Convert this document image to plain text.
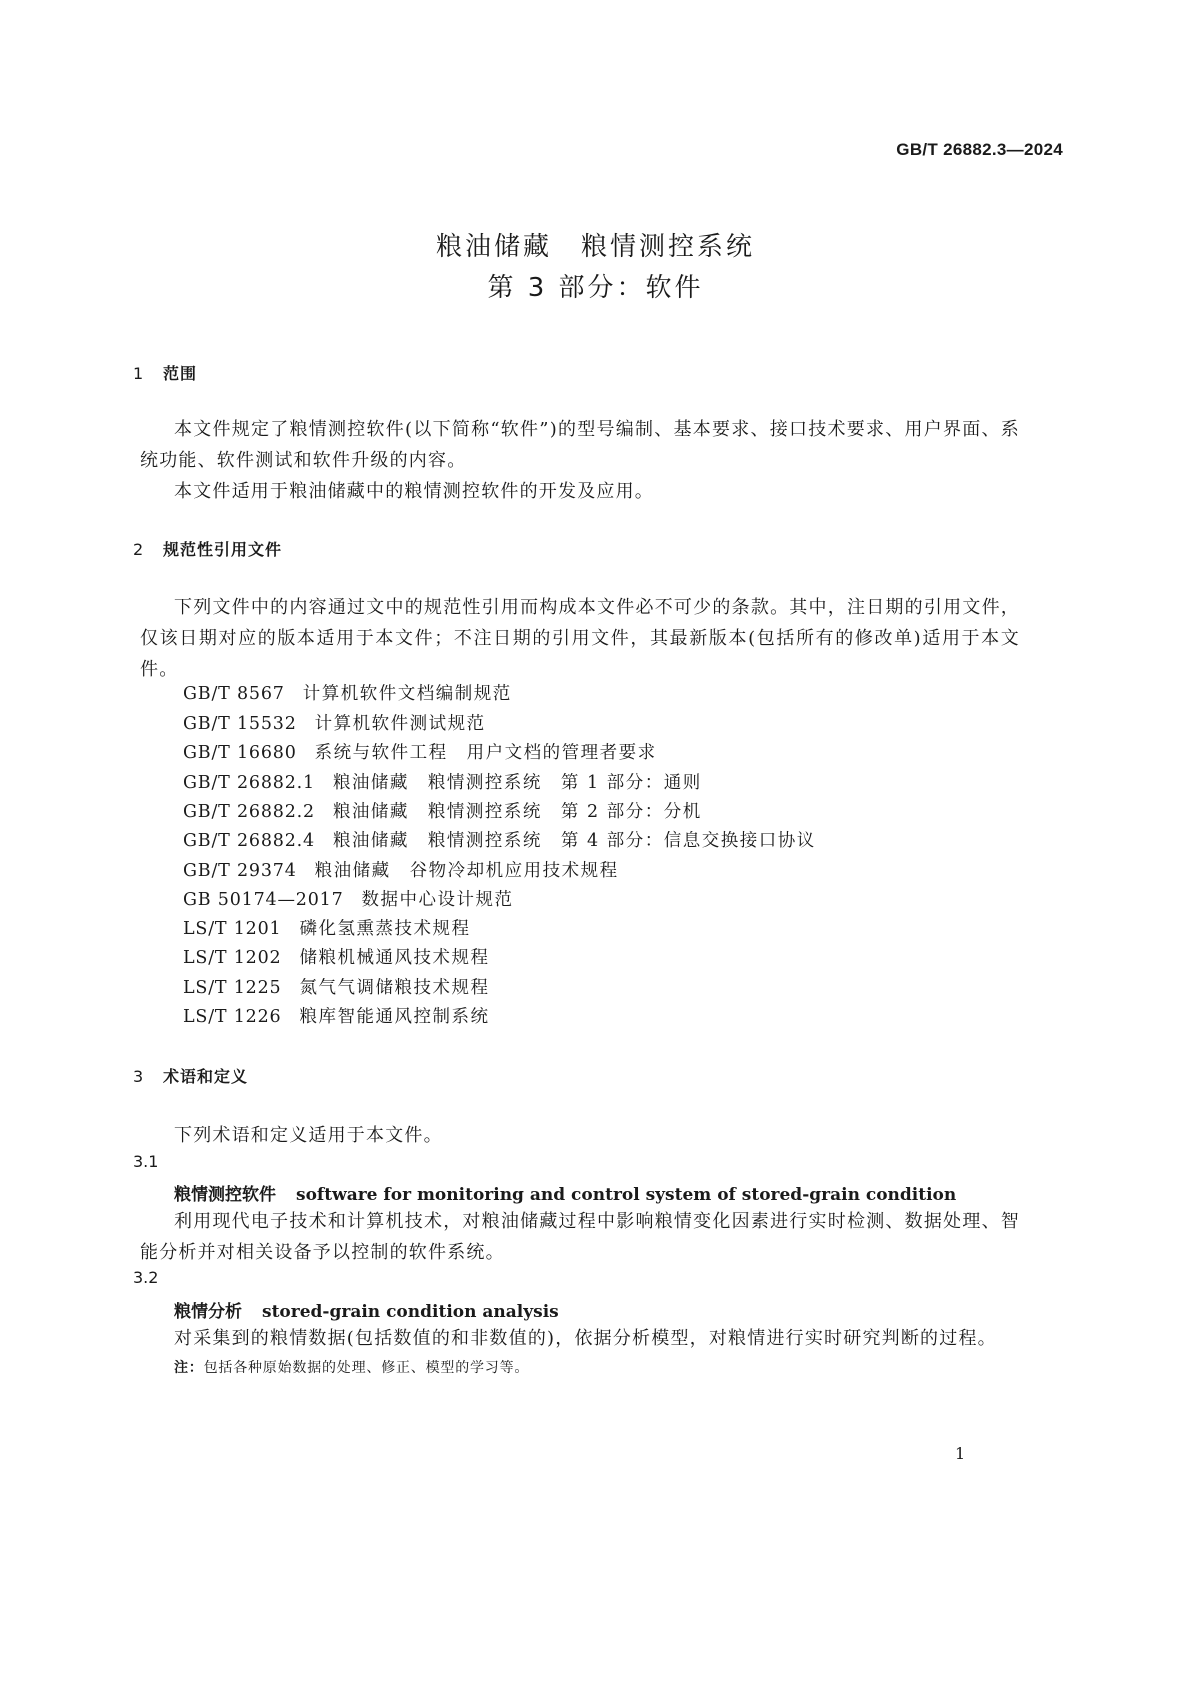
GB/T 26882.3—2024
粮油储藏　粮情测控系统
第 3 部分：软件
1 范围
本文件规定了粮情测控软件(以下简称“软件”)的型号编制、基本要求、接口技术要求、用户界面、系统功能、软件测试和软件升级的内容。
本文件适用于粮油储藏中的粮情测控软件的开发及应用。
2 规范性引用文件
下列文件中的内容通过文中的规范性引用而构成本文件必不可少的条款。其中，注日期的引用文件，仅该日期对应的版本适用于本文件；不注日期的引用文件，其最新版本(包括所有的修改单)适用于本文件。
GB/T 8567 计算机软件文档编制规范
GB/T 15532 计算机软件测试规范
GB/T 16680 系统与软件工程　用户文档的管理者要求
GB/T 26882.1 粮油储藏　粮情测控系统　第 1 部分：通则
GB/T 26882.2 粮油储藏　粮情测控系统　第 2 部分：分机
GB/T 26882.4 粮油储藏　粮情测控系统　第 4 部分：信息交换接口协议
GB/T 29374 粮油储藏　谷物冷却机应用技术规程
GB 50174—2017 数据中心设计规范
LS/T 1201 磷化氢熏蒸技术规程
LS/T 1202 储粮机械通风技术规程
LS/T 1225 氮气气调储粮技术规程
LS/T 1226 粮库智能通风控制系统
3 术语和定义
下列术语和定义适用于本文件。
3.1
粮情测控软件 software for monitoring and control system of stored-grain condition
利用现代电子技术和计算机技术，对粮油储藏过程中影响粮情变化因素进行实时检测、数据处理、智能分析并对相关设备予以控制的软件系统。
3.2
粮情分析 stored-grain condition analysis
对采集到的粮情数据(包括数值的和非数值的)，依据分析模型，对粮情进行实时研究判断的过程。
注：包括各种原始数据的处理、修正、模型的学习等。
1
